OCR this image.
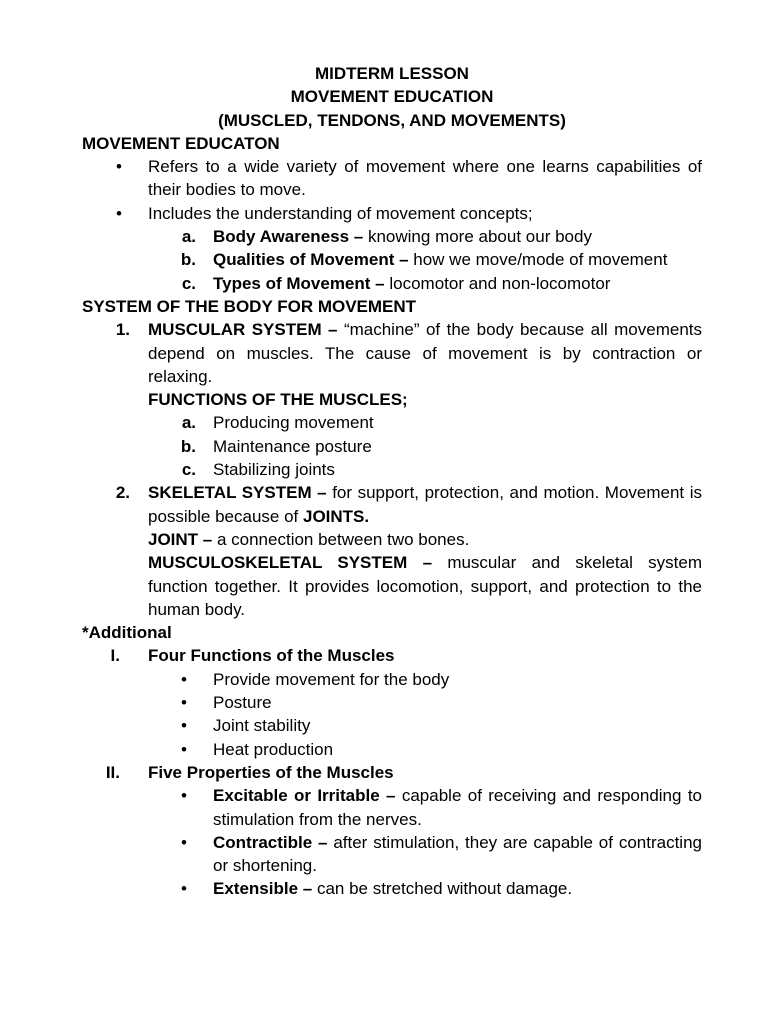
MIDTERM LESSON
MOVEMENT EDUCATION
(MUSCLED, TENDONS, AND MOVEMENTS)
MOVEMENT EDUCATON
• Refers to a wide variety of movement where one learns capabilities of their bodies to move.
• Includes the understanding of movement concepts;
a. Body Awareness – knowing more about our body
b. Qualities of Movement – how we move/mode of movement
c. Types of Movement – locomotor and non-locomotor
SYSTEM OF THE BODY FOR MOVEMENT
1. MUSCULAR SYSTEM – “machine” of the body because all movements depend on muscles. The cause of movement is by contraction or relaxing.
FUNCTIONS OF THE MUSCLES;
a. Producing movement
b. Maintenance posture
c. Stabilizing joints
2. SKELETAL SYSTEM – for support, protection, and motion. Movement is possible because of JOINTS.
JOINT – a connection between two bones.
MUSCULOSKELETAL SYSTEM – muscular and skeletal system function together. It provides locomotion, support, and protection to the human body.
*Additional
I. Four Functions of the Muscles
• Provide movement for the body
• Posture
• Joint stability
• Heat production
II. Five Properties of the Muscles
• Excitable or Irritable – capable of receiving and responding to stimulation from the nerves.
• Contractible – after stimulation, they are capable of contracting or shortening.
• Extensible – can be stretched without damage.
